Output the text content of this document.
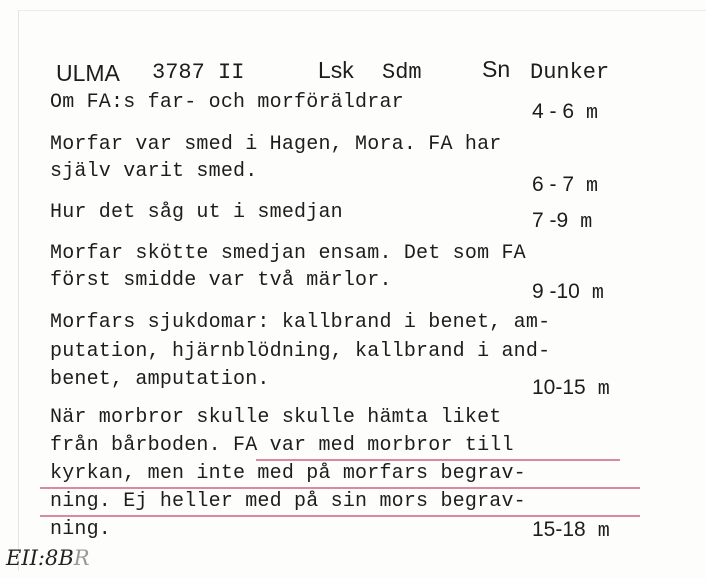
ULMA 3787 II	Lsk Sdm	Sn Dunker
Om FA:s far- och morföräldrar
Morfar var smed i Hagen, Mora. FA har
själv varit smed.
Hur det såg ut i smedjan
Morfar skötte smedjan ensam. Det som FA
först smidde var två märlor.
Morfars sjukdomar: kallbrand i benet, am-
putation, hjärnblödning, kallbrand i and-
benet, amputation.
När morbror skulle skulle hämta liket
från bårboden. FA var med morbror till
kyrkan, men inte med på morfars begrav-
ning. Ej heller med på sin mors begrav-
ning.
4 - 6 m
6 - 7 m
7 -9 m
9 -10 m
10-15 m
15-18 m
EII:8BR
